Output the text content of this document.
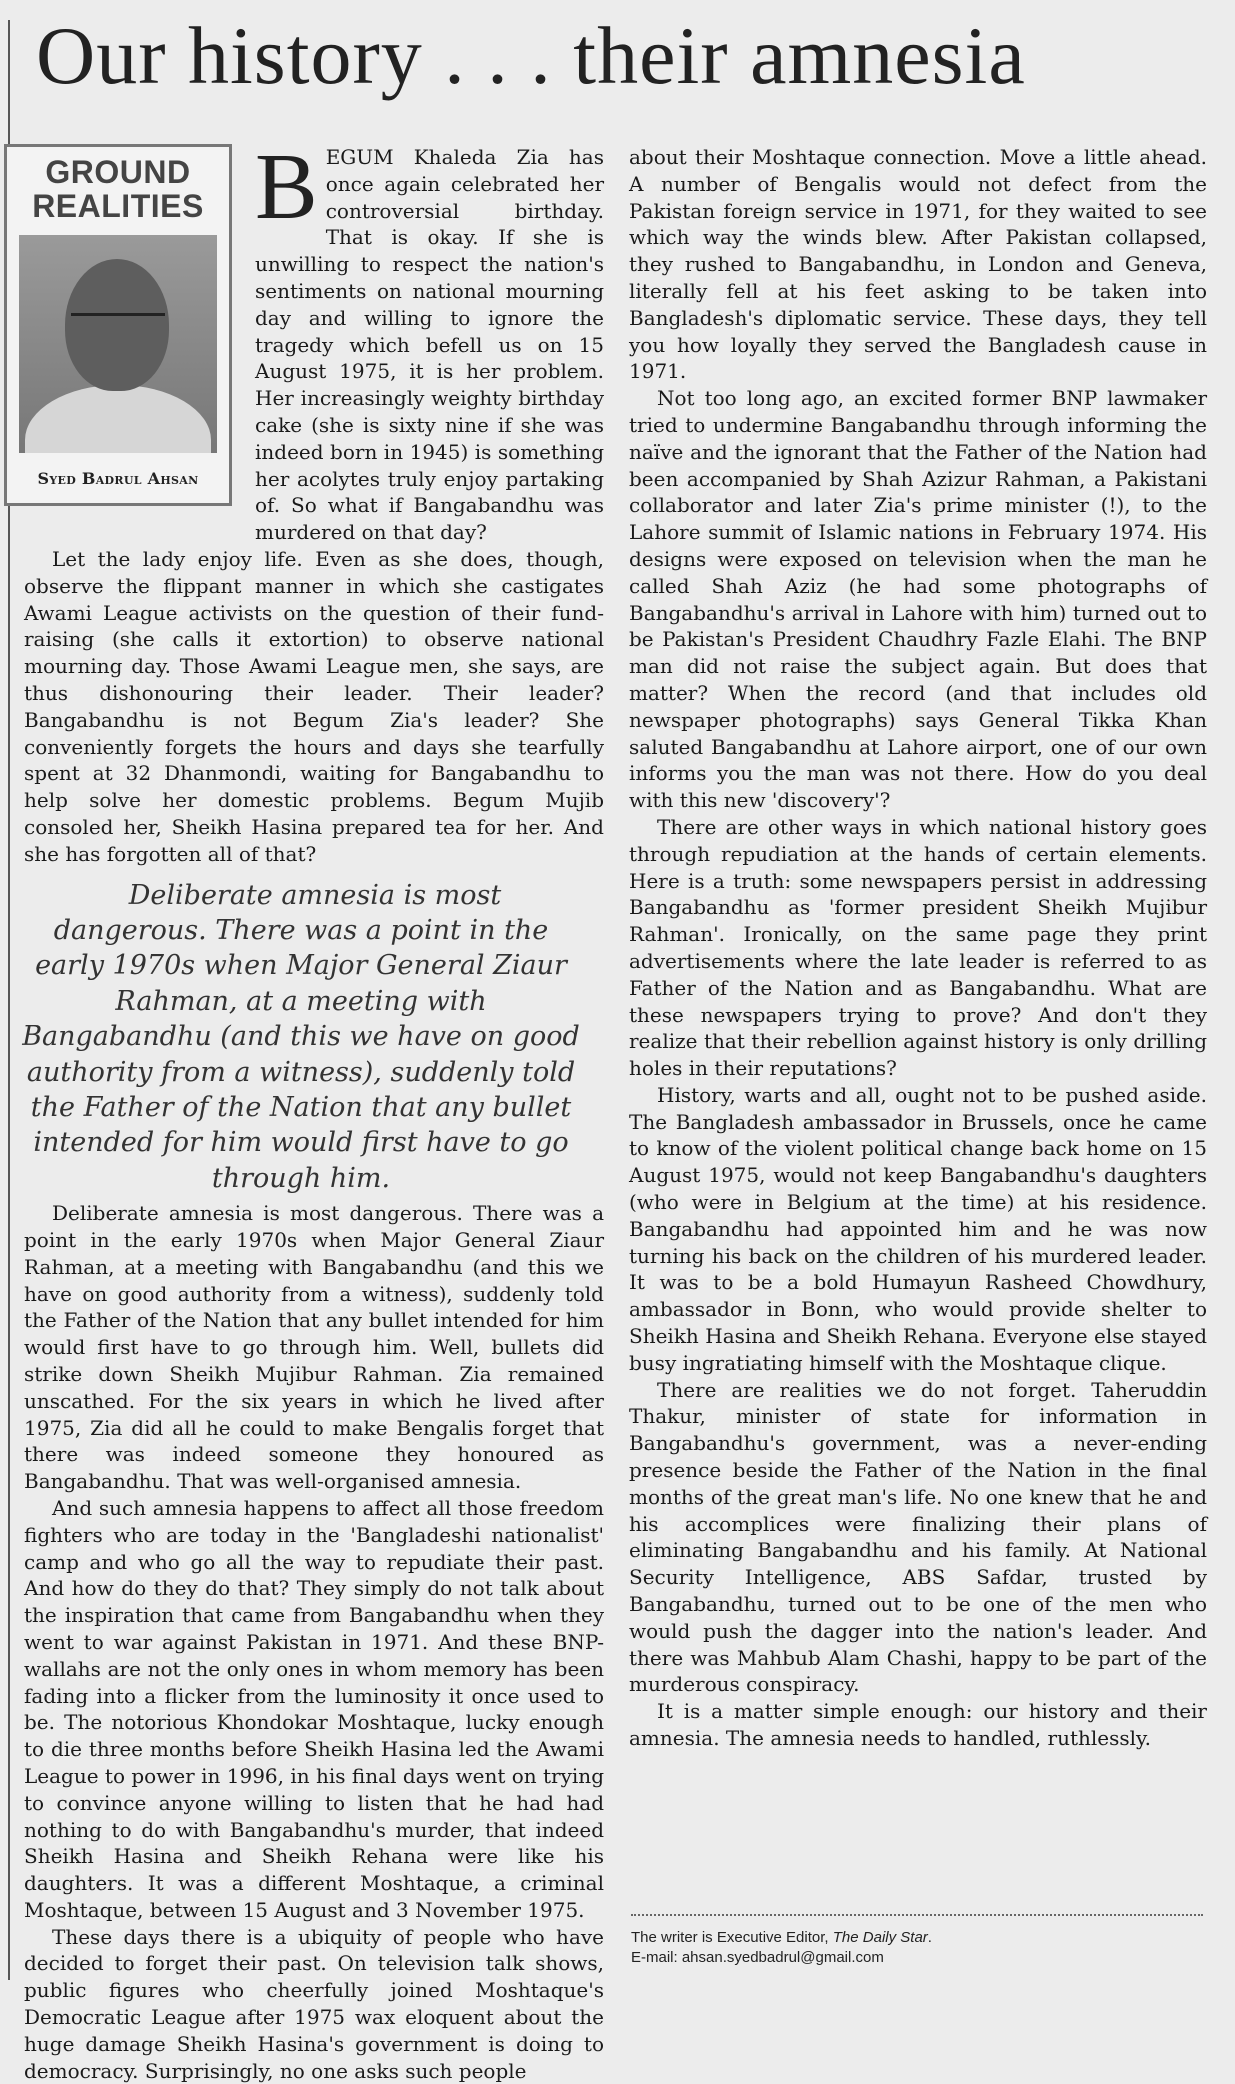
Our history . . . their amnesia
GROUND
REALITIES
Syed Badrul Ahsan

BEGUM Khaleda Zia has once again celebrated her controversial birthday. That is okay. If she is unwilling to respect the nation's sentiments on national mourning day and willing to ignore the tragedy which befell us on 15 August 1975, it is her problem. Her increasingly weighty birthday cake (she is sixty nine if she was indeed born in 1945) is something her acolytes truly enjoy partaking of. So what if Bangabandhu was murdered on that day?

Let the lady enjoy life. Even as she does, though, observe the flippant manner in which she castigates Awami League activists on the question of their fund-raising (she calls it extortion) to observe national mourning day. Those Awami League men, she says, are thus dishonouring their leader. Their leader? Bangabandhu is not Begum Zia's leader? She conveniently forgets the hours and days she tearfully spent at 32 Dhanmondi, waiting for Bangabandhu to help solve her domestic problems. Begum Mujib consoled her, Sheikh Hasina prepared tea for her. And she has forgotten all of that?

Deliberate amnesia is most dangerous. There was a point in the early 1970s when Major General Ziaur Rahman, at a meeting with Bangabandhu (and this we have on good authority from a witness), suddenly told the Father of the Nation that any bullet intended for him would first have to go through him.
Deliberate amnesia is most dangerous. There was a point in the early 1970s when Major General Ziaur Rahman, at a meeting with Bangabandhu (and this we have on good authority from a witness), suddenly told the Father of the Nation that any bullet intended for him would first have to go through him. Well, bullets did strike down Sheikh Mujibur Rahman. Zia remained unscathed. For the six years in which he lived after 1975, Zia did all he could to make Bengalis forget that there was indeed someone they honoured as Bangabandhu. That was well-organised amnesia.

And such amnesia happens to affect all those freedom fighters who are today in the 'Bangladeshi nationalist' camp and who go all the way to repudiate their past. And how do they do that? They simply do not talk about the inspiration that came from Bangabandhu when they went to war against Pakistan in 1971. And these BNP-wallahs are not the only ones in whom memory has been fading into a flicker from the luminosity it once used to be. The notorious Khondokar Moshtaque, lucky enough to die three months before Sheikh Hasina led the Awami League to power in 1996, in his final days went on trying to convince anyone willing to listen that he had had nothing to do with Bangabandhu's murder, that indeed Sheikh Hasina and Sheikh Rehana were like his daughters. It was a different Moshtaque, a criminal Moshtaque, between 15 August and 3 November 1975.

These days there is a ubiquity of people who have decided to forget their past. On television talk shows, public figures who cheerfully joined Moshtaque's Democratic League after 1975 wax eloquent about the huge damage Sheikh Hasina's government is doing to democracy. Surprisingly, no one asks such people

about their Moshtaque connection. Move a little ahead. A number of Bengalis would not defect from the Pakistan foreign service in 1971, for they waited to see which way the winds blew. After Pakistan collapsed, they rushed to Bangabandhu, in London and Geneva, literally fell at his feet asking to be taken into Bangladesh's diplomatic service. These days, they tell you how loyally they served the Bangladesh cause in 1971.

Not too long ago, an excited former BNP lawmaker tried to undermine Bangabandhu through informing the naïve and the ignorant that the Father of the Nation had been accompanied by Shah Azizur Rahman, a Pakistani collaborator and later Zia's prime minister (!), to the Lahore summit of Islamic nations in February 1974. His designs were exposed on television when the man he called Shah Aziz (he had some photographs of Bangabandhu's arrival in Lahore with him) turned out to be Pakistan's President Chaudhry Fazle Elahi. The BNP man did not raise the subject again. But does that matter? When the record (and that includes old newspaper photographs) says General Tikka Khan saluted Bangabandhu at Lahore airport, one of our own informs you the man was not there. How do you deal with this new 'discovery'?

There are other ways in which national history goes through repudiation at the hands of certain elements. Here is a truth: some newspapers persist in addressing Bangabandhu as 'former president Sheikh Mujibur Rahman'. Ironically, on the same page they print advertisements where the late leader is referred to as Father of the Nation and as Bangabandhu. What are these newspapers trying to prove? And don't they realize that their rebellion against history is only drilling holes in their reputations?

History, warts and all, ought not to be pushed aside. The Bangladesh ambassador in Brussels, once he came to know of the violent political change back home on 15 August 1975, would not keep Bangabandhu's daughters (who were in Belgium at the time) at his residence. Bangabandhu had appointed him and he was now turning his back on the children of his murdered leader. It was to be a bold Humayun Rasheed Chowdhury, ambassador in Bonn, who would provide shelter to Sheikh Hasina and Sheikh Rehana. Everyone else stayed busy ingratiating himself with the Moshtaque clique.

There are realities we do not forget. Taheruddin Thakur, minister of state for information in Bangabandhu's government, was a never-ending presence beside the Father of the Nation in the final months of the great man's life. No one knew that he and his accomplices were finalizing their plans of eliminating Bangabandhu and his family. At National Security Intelligence, ABS Safdar, trusted by Bangabandhu, turned out to be one of the men who would push the dagger into the nation's leader. And there was Mahbub Alam Chashi, happy to be part of the murderous conspiracy.

It is a matter simple enough: our history and their amnesia. The amnesia needs to handled, ruthlessly.

The writer is Executive Editor, The Daily Star.
E-mail: ahsan.syedbadrul@gmail.com
